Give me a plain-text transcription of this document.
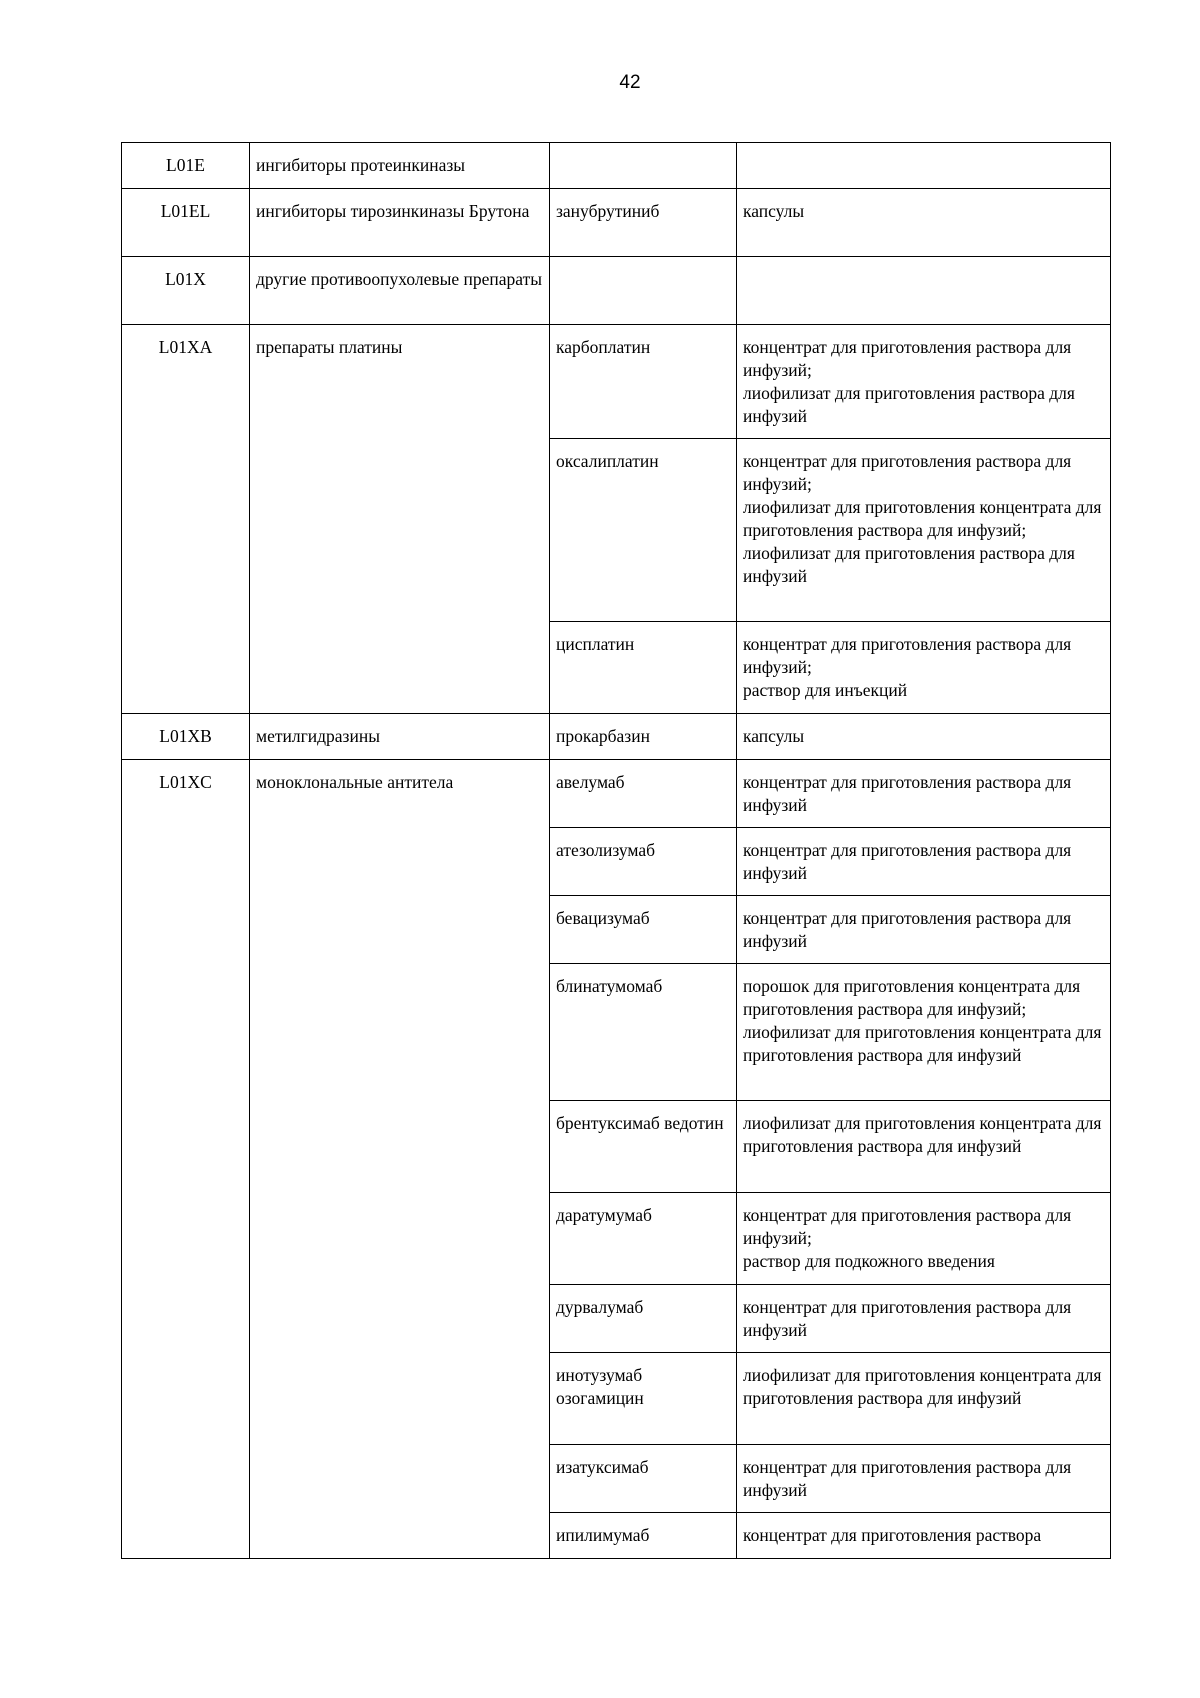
42
L01E	ингибиторы протеинкиназы		
L01EL	ингибиторы тирозинкиназы Брутона	занубрутиниб	капсулы
L01X	другие противоопухолевые препараты		
L01XA	препараты платины	карбоплатин	концентрат для приготовления раствора для инфузий;
лиофилизат для приготовления раствора для инфузий

		оксалиплатин	концентрат для приготовления раствора для инфузий;
лиофилизат для приготовления концентрата для приготовления раствора для инфузий;
лиофилизат для приготовления раствора для инфузий

		цисплатин	концентрат для приготовления раствора для инфузий;
раствор для инъекций

L01XB	метилгидразины	прокарбазин	капсулы
L01XC	моноклональные антитела	авелумаб	концентрат для приготовления раствора для инфузий

		атезолизумаб	концентрат для приготовления раствора для инфузий

		бевацизумаб	концентрат для приготовления раствора для инфузий

		блинатумомаб	порошок для приготовления концентрата для приготовления раствора для инфузий;
лиофилизат для приготовления концентрата для приготовления раствора для инфузий

		брентуксимаб ведотин	лиофилизат для приготовления концентрата для приготовления раствора для инфузий

		даратумумаб	концентрат для приготовления раствора для инфузий;
раствор для подкожного введения

		дурвалумаб	концентрат для приготовления раствора для инфузий

		инотузумаб озогамицин	лиофилизат для приготовления концентрата для приготовления раствора для инфузий

		изатуксимаб	концентрат для приготовления раствора для инфузий

		ипилимумаб	концентрат для приготовления раствора
